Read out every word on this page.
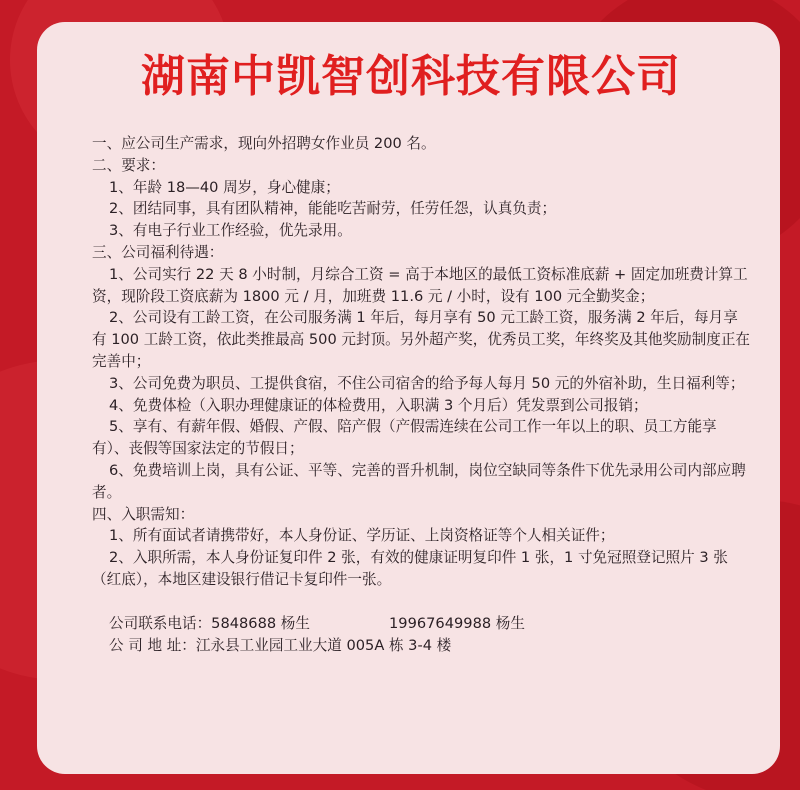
湖南中凯智创科技有限公司

一、应公司生产需求，现向外招聘女作业员 200 名。

二、要求：

1、年龄 18—40 周岁，身心健康；

2、团结同事，具有团队精神，能能吃苦耐劳，任劳任怨，认真负责；

3、有电子行业工作经验，优先录用。

三、公司福利待遇：

1、公司实行 22 天 8 小时制，月综合工资 = 高于本地区的最低工资标准底薪 + 固定加班费计算工资，现阶段工资底薪为 1800 元 / 月，加班费 11.6 元 / 小时，设有 100 元全勤奖金；

2、公司设有工龄工资，在公司服务满 1 年后，每月享有 50 元工龄工资，服务满 2 年后，每月享有 100 工龄工资，依此类推最高 500 元封顶。另外超产奖，优秀员工奖，年终奖及其他奖励制度正在完善中；

3、公司免费为职员、工提供食宿，不住公司宿舍的给予每人每月 50 元的外宿补助，生日福利等；

4、免费体检（入职办理健康证的体检费用，入职满 3 个月后）凭发票到公司报销；

5、享有、有薪年假、婚假、产假、陪产假（产假需连续在公司工作一年以上的职、员工方能享有）、丧假等国家法定的节假日；

6、免费培训上岗，具有公证、平等、完善的晋升机制，岗位空缺同等条件下优先录用公司内部应聘者。

四、入职需知：

1、所有面试者请携带好，本人身份证、学历证、上岗资格证等个人相关证件；

2、入职所需，本人身份证复印件 2 张，有效的健康证明复印件 1 张，1 寸免冠照登记照片 3 张（红底），本地区建设银行借记卡复印件一张。

公司联系电话：5848688 杨生	19967649988 杨生
公 司 地 址：江永县工业园工业大道 005A 栋 3-4 楼
